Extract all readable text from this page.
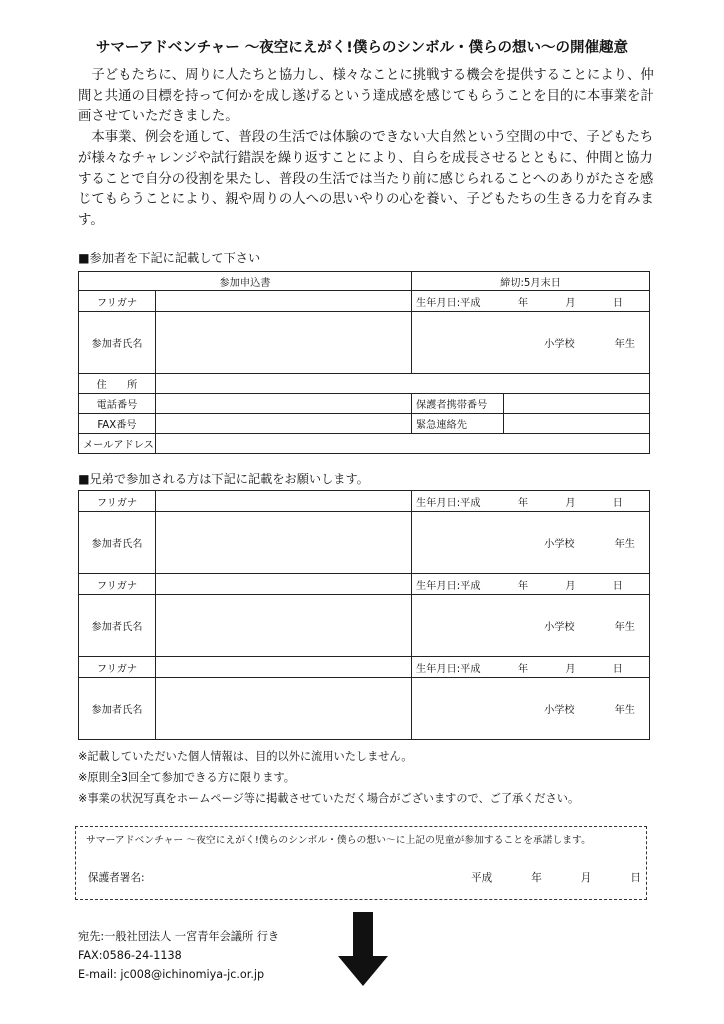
サマーアドベンチャー ～夜空にえがく!僕らのシンボル・僕らの想い～の開催趣意

子どもたちに、周りに人たちと協力し、様々なことに挑戦する機会を提供することにより、仲間と共通の目標を持って何かを成し遂げるという達成感を感じてもらうことを目的に本事業を計画させていただきました。

本事業、例会を通して、普段の生活では体験のできない大自然という空間の中で、子どもたちが様々なチャレンジや試行錯誤を繰り返すことにより、自らを成長させるとともに、仲間と協力することで自分の役割を果たし、普段の生活では当たり前に感じられることへのありがたさを感じてもらうことにより、親や周りの人への思いやりの心を養い、子どもたちの生きる力を育みます。

■参加者を下記に記載して下さい
参加申込書		締切:5月末日	
フリガナ		生年月日:平成 年 月 日	

参加者氏名		小学校 年生	

住　　所			
電話番号		保護者携帯番号	
FAX番号		緊急連絡先	
メールアドレス			
■兄弟で参加される方は下記に記載をお願いします。
フリガナ		生年月日:平成 年 月 日

参加者氏名		小学校 年生

フリガナ		生年月日:平成 年 月 日

参加者氏名		小学校 年生

フリガナ		生年月日:平成 年 月 日

参加者氏名		小学校 年生
※記載していただいた個人情報は、目的以外に流用いたしません。
※原則全3回全て参加できる方に限ります。
※事業の状況写真をホームページ等に掲載させていただく場合がございますので、ご了承ください。
サマーアドベンチャー ～夜空にえがく!僕らのシンボル・僕らの想い～に上記の児童が参加することを承諾します。
保護者署名:	平成	年	月	日
宛先:一般社団法人 一宮青年会議所 行き
FAX:0586-24-1138
E-mail: jc008@ichinomiya-jc.or.jp
